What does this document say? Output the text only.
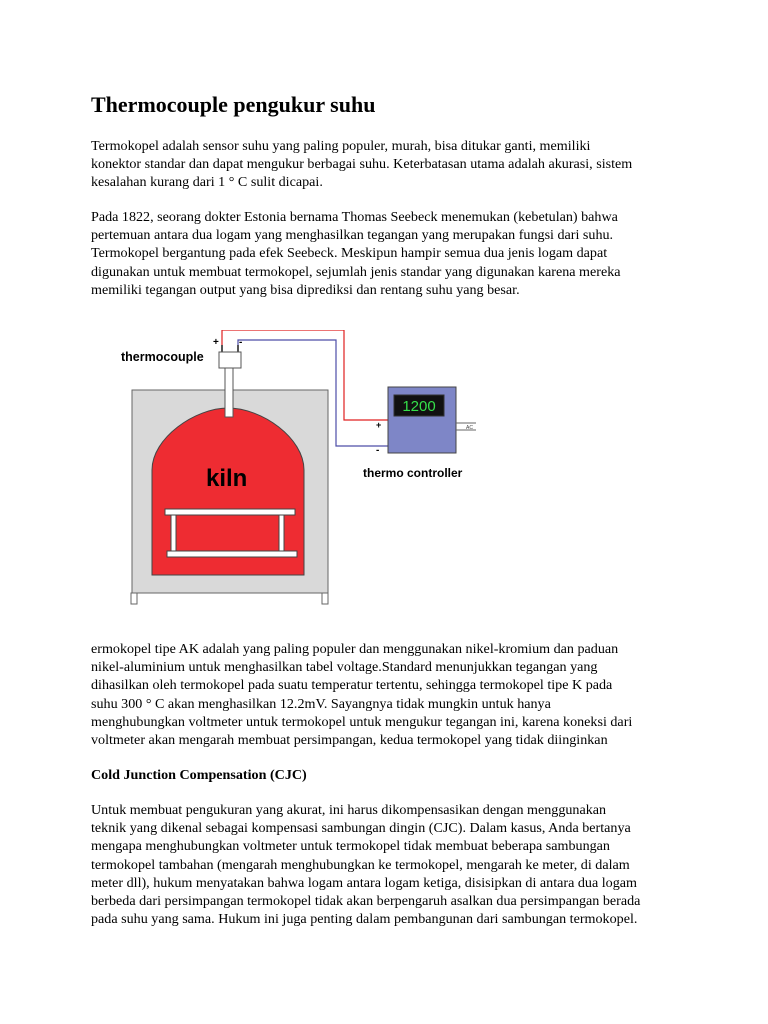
Thermocouple pengukur suhu

Termokopel adalah sensor suhu yang paling populer, murah, bisa ditukar ganti, memiliki
konektor standar dan dapat mengukur berbagai suhu. Keterbatasan utama adalah akurasi, sistem
kesalahan kurang dari 1 ° C sulit dicapai.

Pada 1822, seorang dokter Estonia bernama Thomas Seebeck menemukan (kebetulan) bahwa
pertemuan antara dua logam yang menghasilkan tegangan yang merupakan fungsi dari suhu.
Termokopel bergantung pada efek Seebeck. Meskipun hampir semua dua jenis logam dapat
digunakan untuk membuat termokopel, sejumlah jenis standar yang digunakan karena mereka
memiliki tegangan output yang bisa diprediksi dan rentang suhu yang besar.

+ -
thermocouple
kiln
1200
AC
+
-
thermo controller

ermokopel tipe AK adalah yang paling populer dan menggunakan nikel-kromium dan paduan
nikel-aluminium untuk menghasilkan tabel voltage.Standard menunjukkan tegangan yang
dihasilkan oleh termokopel pada suatu temperatur tertentu, sehingga termokopel tipe K pada
suhu 300 ° C akan menghasilkan 12.2mV. Sayangnya tidak mungkin untuk hanya
menghubungkan voltmeter untuk termokopel untuk mengukur tegangan ini, karena koneksi dari
voltmeter akan mengarah membuat persimpangan, kedua termokopel yang tidak diinginkan

Cold Junction Compensation (CJC)

Untuk membuat pengukuran yang akurat, ini harus dikompensasikan dengan menggunakan
teknik yang dikenal sebagai kompensasi sambungan dingin (CJC). Dalam kasus, Anda bertanya
mengapa menghubungkan voltmeter untuk termokopel tidak membuat beberapa sambungan
termokopel tambahan (mengarah menghubungkan ke termokopel, mengarah ke meter, di dalam
meter dll), hukum menyatakan bahwa logam antara logam ketiga, disisipkan di antara dua logam
berbeda dari persimpangan termokopel tidak akan berpengaruh asalkan dua persimpangan berada
pada suhu yang sama. Hukum ini juga penting dalam pembangunan dari sambungan termokopel.
